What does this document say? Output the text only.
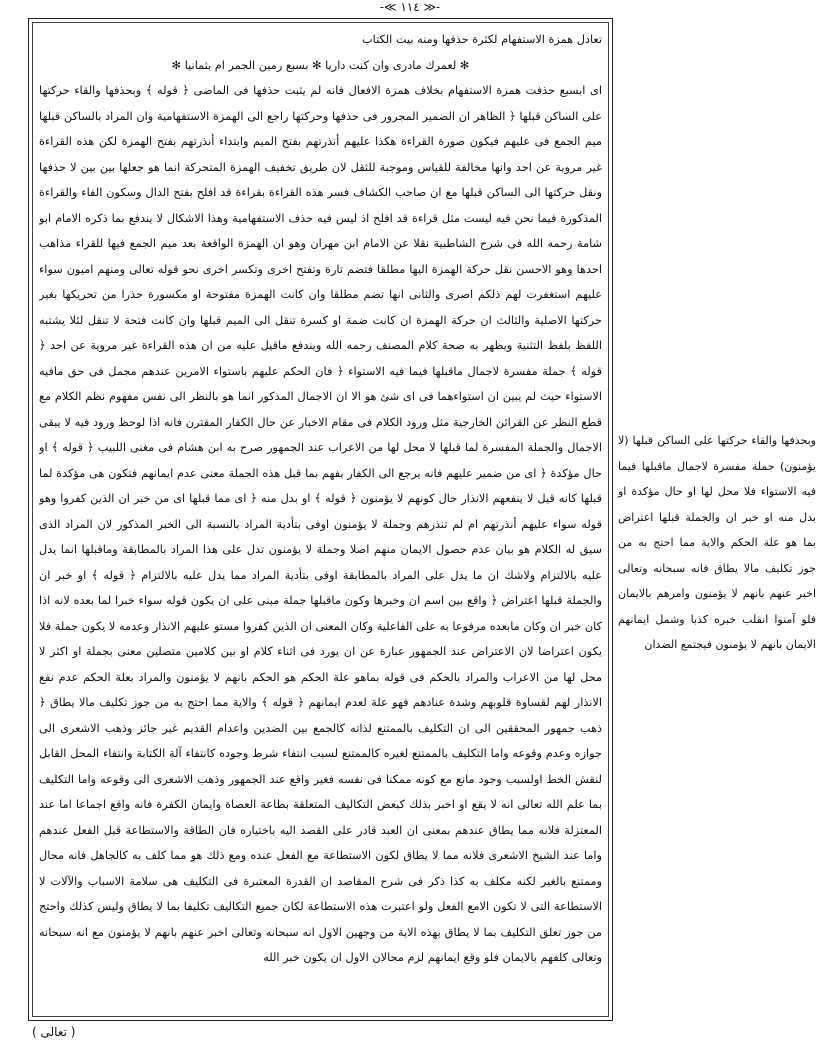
-≪ ١١٤ ≫-

تعادل همزة الاستفهام لكثرة حذفها ومنه بيت الكتاب

✻ لعمرك مادرى وان كنت داريا ✻ بسبع رمين الجمر ام بثمانيا ✻

اى ابسبع حذفت همزة الاستفهام بخلاف همزة الافعال فانه لم يثبت حذفها فى الماضى ﴿ قوله ﴾ وبحذفها والقاء حركتها على الساكن قبلها ﴿ الظاهر ان الضمير المجرور فى حذفها وحركتها راجع الى الهمزة الاستفهامية وان المراد بالساكن قبلها ميم الجمع فى عليهم فيكون صورة القراءة هكذا عليهم أنذرتهم بفتح الميم وابتداء أنذرتهم بفتح الهمزة لكن هذه القراءة غير مروية عن احد وانها مخالفة للقياس وموجبة للثقل لان طريق تخفيف الهمزة المتحركة انما هو جعلها بين بين لا حذفها ونقل حركتها الى الساكن قبلها مع ان صاحب الكشاف فسر هذه القراءة بقراءة قد افلح بفتح الدال وسكون الفاء والقراءة المذكورة فيما نحن فيه ليست مثل قراءة قد افلح اذ ليس فيه حذف الاستفهامية وهذا الاشكال لا يندفع بما ذكره الامام ابو شامة رحمه الله فى شرح الشاطبية نقلا عن الامام ابن مهران وهو ان الهمزة الواقعة بعد ميم الجمع فيها للقراء مذاهب احدها وهو الاحسن نقل حركة الهمزة اليها مطلقا فتضم تارة وتفتح اخرى وتكسر اخرى نحو قوله تعالى ومنهم اميون سواء عليهم استغفرت لهم ذلكم اصرى والثانى انها تضم مطلقا وان كانت الهمزة مفتوحة او مكسورة حذرا من تحريكها بغير حركتها الاصلية والثالث ان حركة الهمزة ان كانت ضمة او كسرة تنقل الى الميم قبلها وان كانت فتحة لا تنقل لئلا يشتبه اللفظ بلفظ التثنية ويظهر به صحة كلام المصنف رحمه الله ويندفع ماقيل عليه من ان هذه القراءة غير مروية عن احد ﴿ قوله ﴾ جملة مفسرة لاجمال ماقبلها فيما فيه الاستواء ﴿ فان الحكم عليهم باستواء الامرين عندهم مجمل فى حق مافيه الاستواء حيث لم يبين ان استواءهما فى اى شئ هو الا ان الاجمال المذكور انما هو بالنظر الى نفس مفهوم نظم الكلام مع قطع النظر عن القرائن الخارجية مثل ورود الكلام فى مقام الاخبار عن حال الكفار المقترن فانه اذا لوحظ ورود فيه لا يبقى الاجمال والجملة المفسرة لما قبلها لا محل لها من الاعراب عند الجمهور صرح به ابن هشام فى مغنى اللبيب ﴿ قوله ﴾ او حال مؤكدة ﴿ اى من ضمير عليهم فانه يرجع الى الكفار بفهم بما قبل هذه الجملة معنى عدم ايمانهم فتكون هى مؤكدة لما قبلها كانه قيل لا ينفعهم الانذار حال كونهم لا يؤمنون ﴿ قوله ﴾ او بدل منه ﴿ اى مما قبلها اى من خبر ان الذين كفروا وهو قوله سواء عليهم أنذرتهم ام لم تنذرهم وجملة لا يؤمنون اوفى بتأدية المراد بالنسبة الى الخبر المذكور لان المراد الذى سيق له الكلام هو بيان عدم حصول الايمان منهم اصلا وجملة لا يؤمنون تدل على هذا المراد بالمطابقة وماقبلها انما يدل عليه بالالتزام ولاشك ان ما يدل على المراد بالمطابقة اوفى بتأدية المراد مما يدل عليه بالالتزام ﴿ قوله ﴾ او خبر ان والجملة قبلها اعتراض ﴿ واقع بين اسم ان وخبرها وكون ماقبلها جملة مبنى على ان يكون قوله سواء خبرا لما بعده لانه اذا كان خبر ان وكان مابعده مرفوعا به على الفاعلية وكان المعنى ان الذين كفروا مستو عليهم الانذار وعدمه لا يكون جملة فلا يكون اعتراضا لان الاعتراض عند الجمهور عبارة عن ان يورد فى اثناء كلام او بين كلامين متصلين معنى بجملة او اكثر لا محل لها من الاعراب والمراد بالحكم فى قوله بماهو علة الحكم هو الحكم بانهم لا يؤمنون والمراد بعلة الحكم عدم نفع الانذار لهم لقساوة قلوبهم وشدة عنادهم فهو علة لعدم ايمانهم ﴿ قوله ﴾ والاية مما احتج به من جوز تكليف مالا يطاق ﴿ ذهب جمهور المحققين الى ان التكليف بالممتنع لذاته كالجمع بين الضدين واعدام القديم غير جائز وذهب الاشعرى الى جوازه وعدم وقوعه واما التكليف بالممتنع لغيره كالممتنع لسبب انتفاء شرط وجوده كانتفاء آلة الكتابة وانتفاء المحل القابل لنقش الخط اولسبب وجود مانع مع كونه ممكنا فى نفسه فغير واقع عند الجمهور وذهب الاشعرى الى وقوعه واما التكليف بما علم الله تعالى انه لا يقع او اخبر بذلك كبعض التكاليف المتعلقة بطاعة العصاة وايمان الكفرة فانه واقع اجماعا اما عند المعتزلة فلانه مما يطاق عندهم بمعنى ان العبد قادر على القصد اليه باختياره فان الطاقة والاستطاعة قبل الفعل عندهم واما عند الشيخ الاشعرى فلانه مما لا يطاق لكون الاستطاعة مع الفعل عنده ومع ذلك هو مما كلف به كالجاهل فانه محال وممتنع بالغير لكنه مكلف به كذا ذكر فى شرح المقاصد ان القدرة المعتبرة فى التكليف هى سلامة الاسباب والآلات لا الاستطاعة التى لا تكون الامع الفعل ولو اعتبرت هذه الاستطاعة لكان جميع التكاليف تكليفا بما لا يطاق وليس كذلك واحتج من جوز تعلق التكليف بما لا يطاق بهذه الاية من وجهين الاول انه سبحانه وتعالى اخبر عنهم بانهم لا يؤمنون مع انه سبحانه وتعالى كلفهم بالايمان فلو وقع ايمانهم لزم محالان الاول ان يكون خبر الله

وبحذفها والقاء حركتها على الساكن قبلها (لا يؤمنون) جملة مفسرة لاجمال ماقبلها فيما فيه الاستواء فلا محل لها او حال مؤكدة او بدل منه او خبر ان والجملة قبلها اعتراض بما هو علة الحكم والاية مما احتج به من جوز تكليف مالا يطاق فانه سبحانه وتعالى اخبر عنهم بانهم لا يؤمنون وامرهم بالايمان فلو آمنوا انقلب خبره كذبا وشمل ايمانهم الايمان بانهم لا يؤمنون فيجتمع الضدان
( تعالى )
